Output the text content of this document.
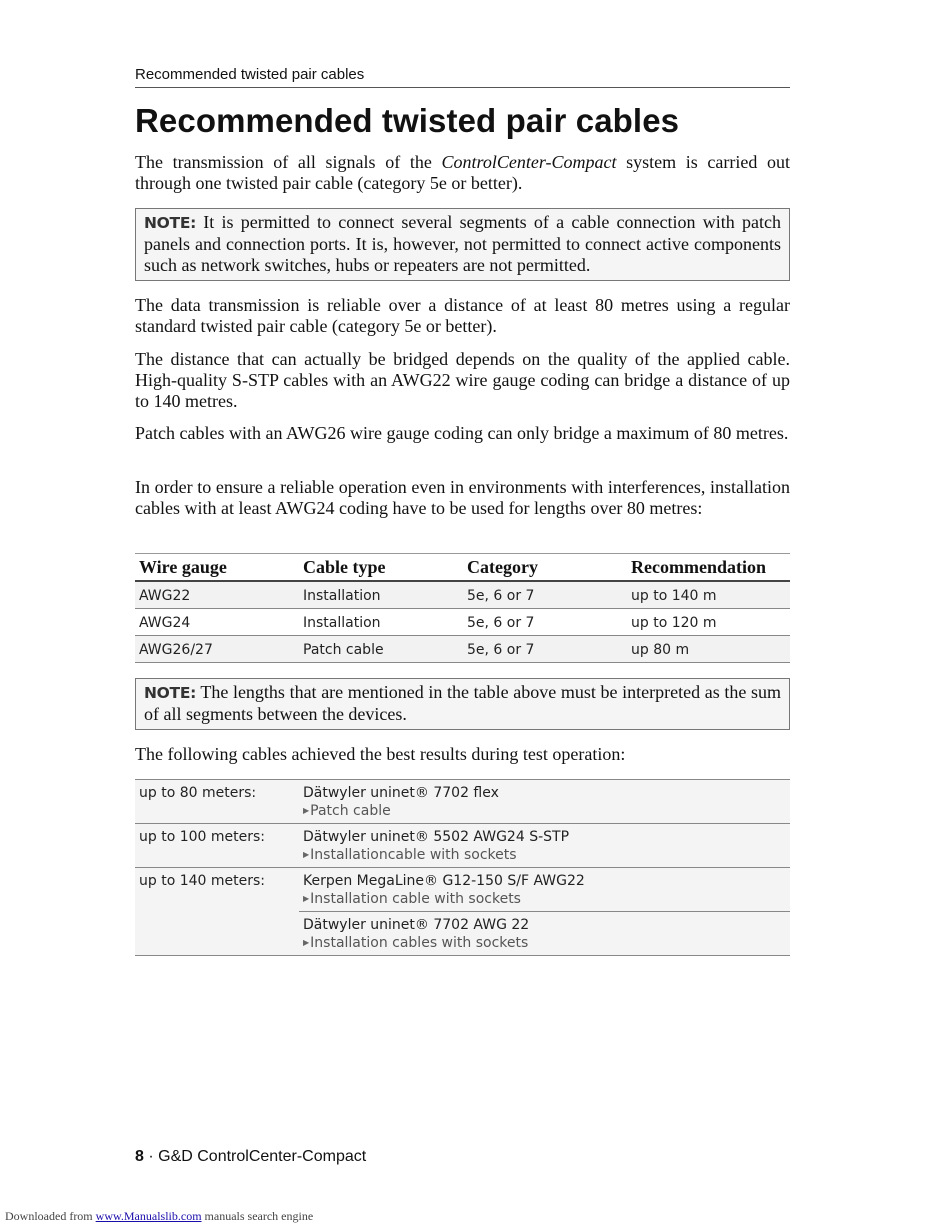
Recommended twisted pair cables
Recommended twisted pair cables

The transmission of all signals of the ControlCenter-Compact system is carried out through one twisted pair cable (category 5e or better).

NOTE: It is permitted to connect several segments of a cable connection with patch panels and connection ports. It is, however, not permitted to connect active components such as network switches, hubs or repeaters are not permitted.

The data transmission is reliable over a distance of at least 80 metres using a regular standard twisted pair cable (category 5e or better).

The distance that can actually be bridged depends on the quality of the applied cable. High-quality S-STP cables with an AWG22 wire gauge coding can bridge a distance of up to 140 metres.

Patch cables with an AWG26 wire gauge coding can only bridge a maximum of 80 metres.

In order to ensure a reliable operation even in environments with interferences, installation cables with at least AWG24 coding have to be used for lengths over 80 metres:

Wire gauge	Cable type	Category	Recommendation
AWG22	Installation	5e, 6 or 7	up to 140 m
AWG24	Installation	5e, 6 or 7	up to 120 m
AWG26/27	Patch cable	5e, 6 or 7	up 80 m

NOTE: The lengths that are mentioned in the table above must be interpreted as the sum of all segments between the devices.

The following cables achieved the best results during test operation:

up to 80 meters:	Dätwyler uninet® 7702 flex
▶Patch cable

up to 100 meters:	Dätwyler uninet® 5502 AWG24 S-STP
▶Installationcable with sockets

up to 140 meters:	Kerpen MegaLine® G12-150 S/F AWG22
▶Installation cable with sockets

	Dätwyler uninet® 7702 AWG 22
▶Installation cables with sockets
8 · G&D ControlCenter-Compact
Downloaded from www.Manualslib.com manuals search engine
